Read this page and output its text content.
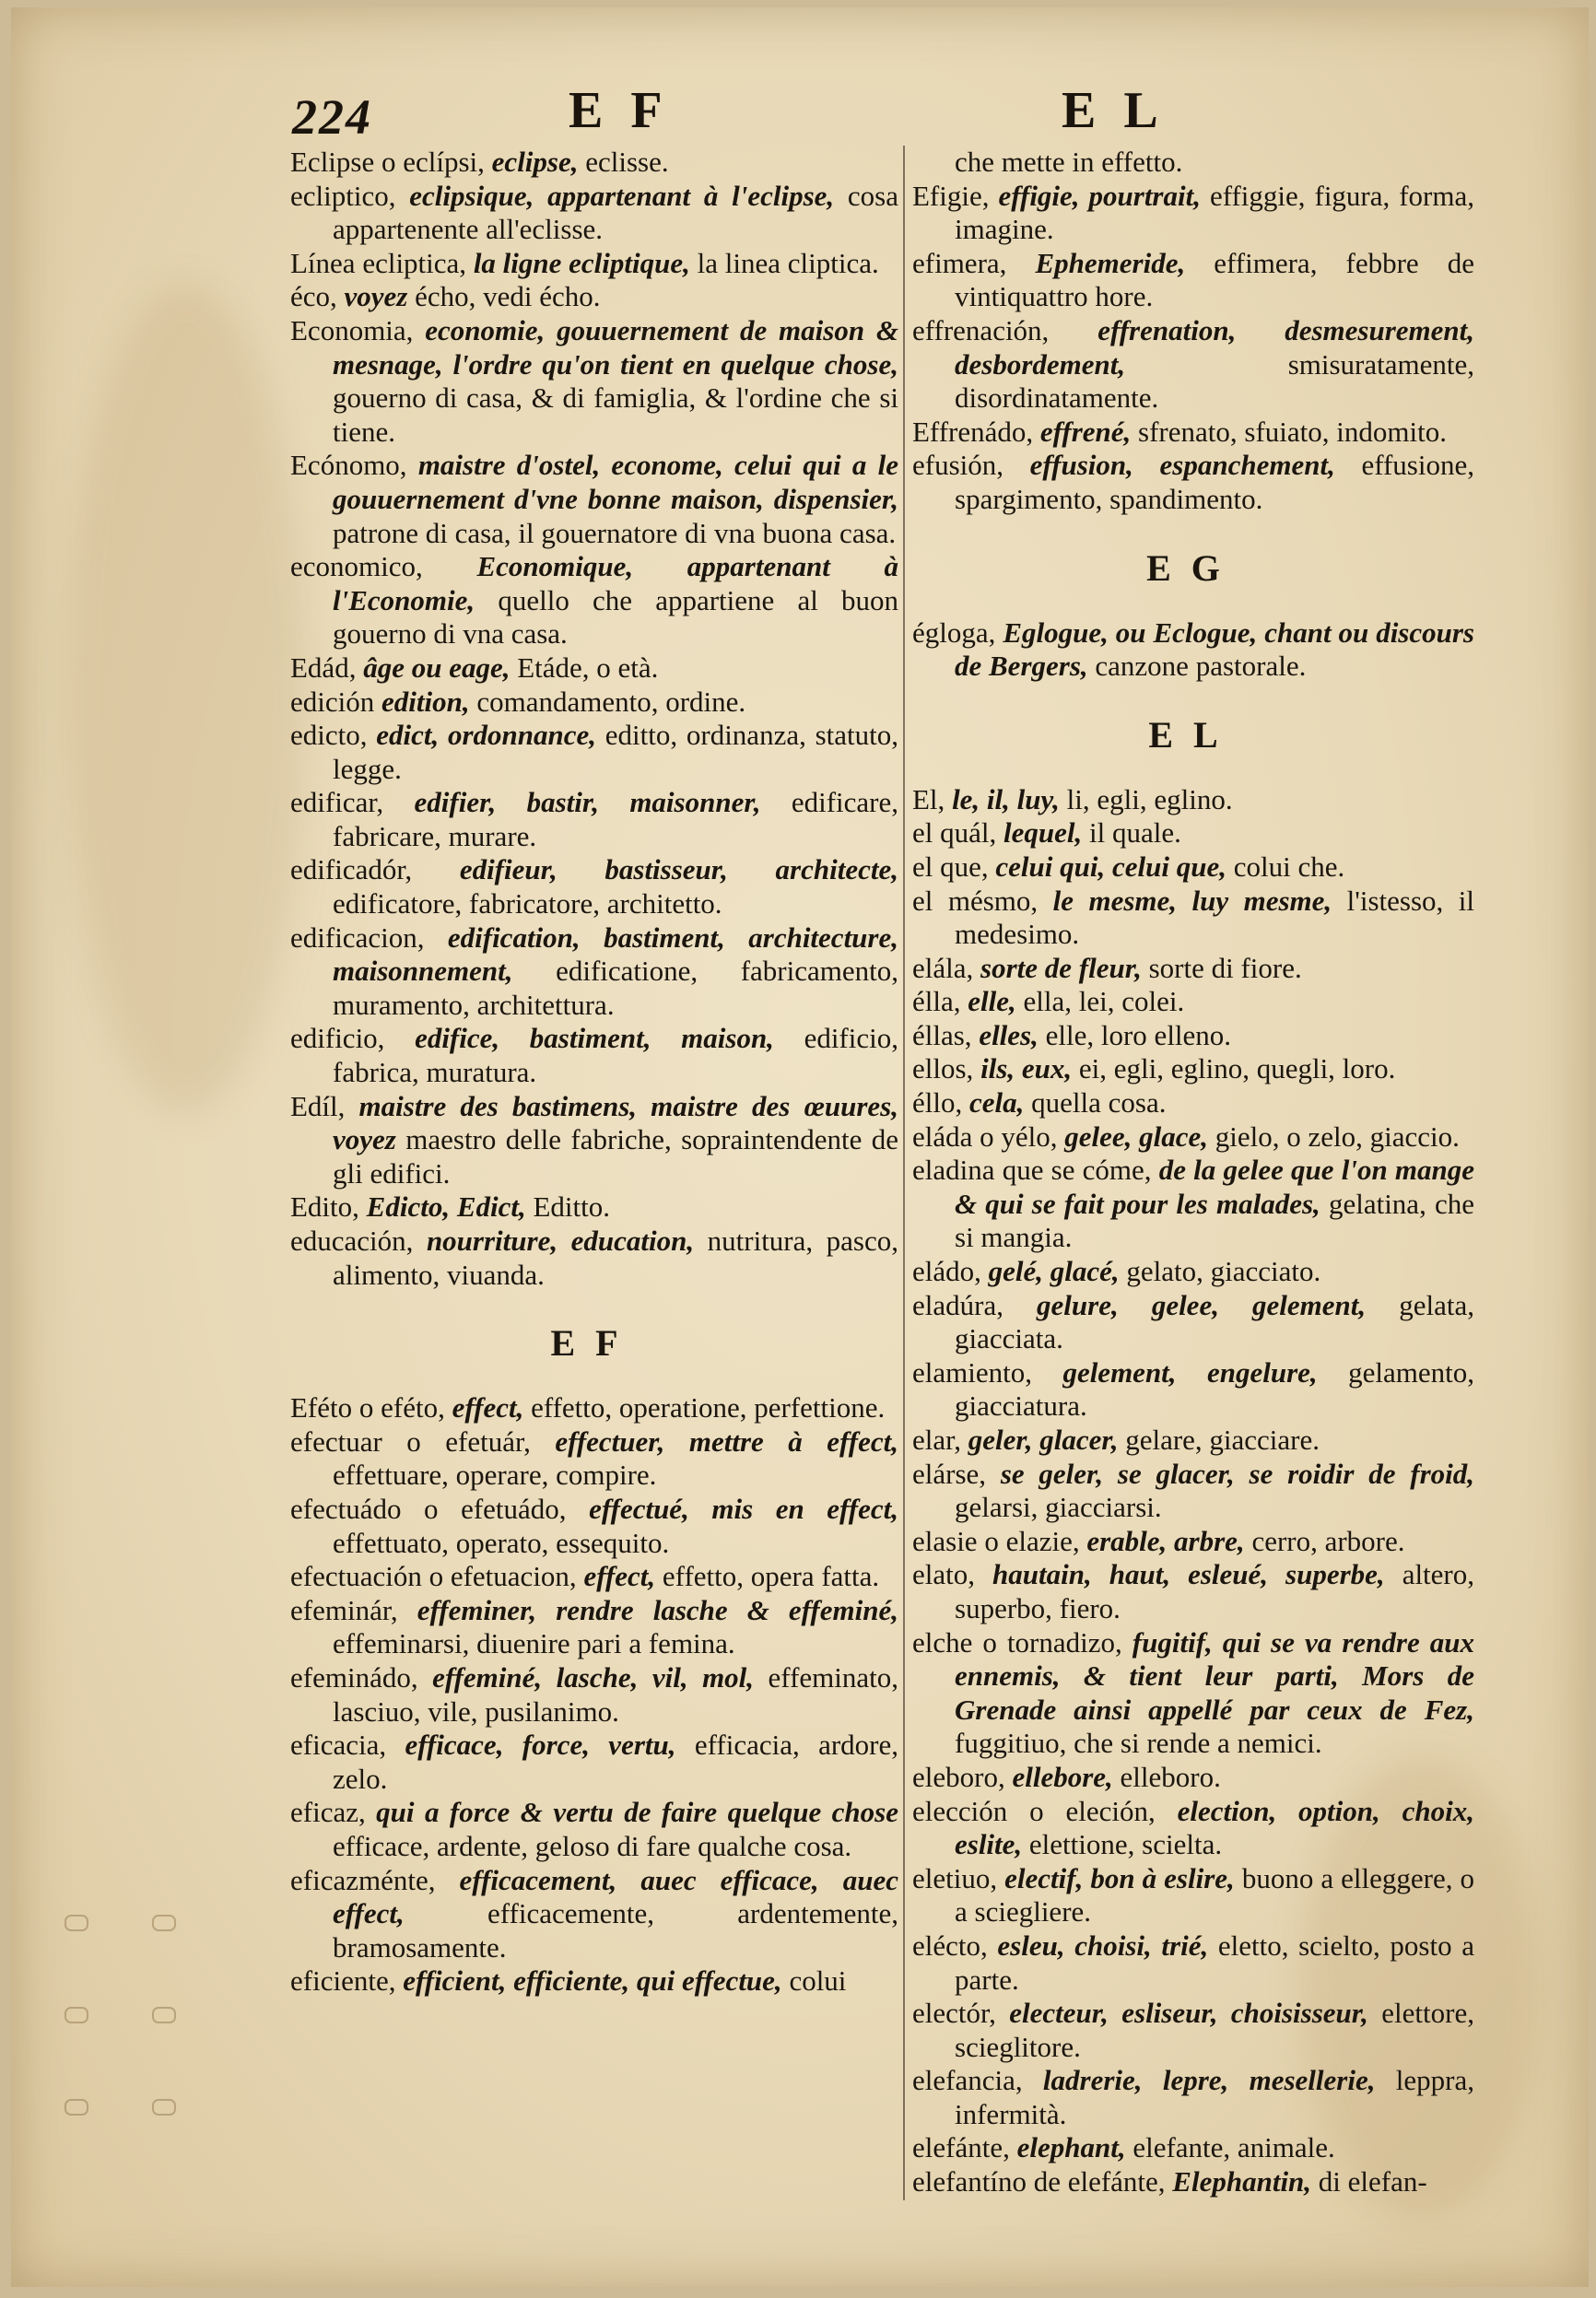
224	EF	EL

Eclipse o eclípsi, eclipse, eclisse.

ecliptico, eclipsique, appartenant à l'eclipse, cosa appartenente all'eclisse.

Línea ecliptica, la ligne ecliptique, la linea cliptica.

éco, voyez écho, vedi écho.

Economia, economie, gouuernement de maison & mesnage, l'ordre qu'on tient en quelque chose, gouerno di casa, & di famiglia, & l'ordine che si tiene.

Ecónomo, maistre d'ostel, econome, celui qui a le gouuernement d'vne bonne maison, dispensier, patrone di casa, il gouernatore di vna buona casa.

economico, Economique, appartenant à l'Economie, quello che appartiene al buon gouerno di vna casa.

Edád, âge ou eage, Etáde, o età.

edición edition, comandamento, ordine.

edicto, edict, ordonnance, editto, ordinanza, statuto, legge.

edificar, edifier, bastir, maisonner, edificare, fabricare, murare.

edificadór, edifieur, bastisseur, architecte, edificatore, fabricatore, architetto.

edificacion, edification, bastiment, architecture, maisonnement, edificatione, fabricamento, muramento, architettura.

edificio, edifice, bastiment, maison, edificio, fabrica, muratura.

Edíl, maistre des bastimens, maistre des œuures, voyez maestro delle fabriche, sopraintendente de gli edifici.

Edito, Edicto, Edict, Editto.

educación, nourriture, education, nutritura, pasco, alimento, viuanda.

EF

Eféto o eféto, effect, effetto, operatione, perfettione.

efectuar o efetuár, effectuer, mettre à effect, effettuare, operare, compire.

efectuádo o efetuádo, effectué, mis en effect, effettuato, operato, essequito.

efectuación o efetuacion, effect, effetto, opera fatta.

efeminár, effeminer, rendre lasche & effeminé, effeminarsi, diuenire pari a femina.

efeminádo, effeminé, lasche, vil, mol, effeminato, lasciuo, vile, pusilanimo.

eficacia, efficace, force, vertu, efficacia, ardore, zelo.

eficaz, qui a force & vertu de faire quelque chose efficace, ardente, geloso di fare qualche cosa.

eficazménte, efficacement, auec efficace, auec effect, efficacemente, ardentemente, bramosamente.

eficiente, efficient, efficiente, qui effectue, colui

che mette in effetto.

Efigie, effigie, pourtrait, effiggie, figura, forma, imagine.

efimera, Ephemeride, effimera, febbre de vintiquattro hore.

effrenación, effrenation, desmesurement, desbordement, smisuratamente, disordinatamente.

Effrenádo, effrené, sfrenato, sfuiato, indomito.

efusión, effusion, espanchement, effusione, spargimento, spandimento.

EG

égloga, Eglogue, ou Eclogue, chant ou discours de Bergers, canzone pastorale.

EL

El, le, il, luy, li, egli, eglino.

el quál, lequel, il quale.

el que, celui qui, celui que, colui che.

el mésmo, le mesme, luy mesme, l'istesso, il medesimo.

elála, sorte de fleur, sorte di fiore.

élla, elle, ella, lei, colei.

éllas, elles, elle, loro elleno.

ellos, ils, eux, ei, egli, eglino, quegli, loro.

éllo, cela, quella cosa.

eláda o yélo, gelee, glace, gielo, o zelo, giaccio.

eladina que se cóme, de la gelee que l'on mange & qui se fait pour les malades, gelatina, che si mangia.

eládo, gelé, glacé, gelato, giacciato.

eladúra, gelure, gelee, gelement, gelata, giacciata.

elamiento, gelement, engelure, gelamento, giacciatura.

elar, geler, glacer, gelare, giacciare.

elárse, se geler, se glacer, se roidir de froid, gelarsi, giacciarsi.

elasie o elazie, erable, arbre, cerro, arbore.

elato, hautain, haut, esleué, superbe, altero, superbo, fiero.

elche o tornadizo, fugitif, qui se va rendre aux ennemis, & tient leur parti, Mors de Grenade ainsi appellé par ceux de Fez, fuggitiuo, che si rende a nemici.

eleboro, ellebore, elleboro.

elección o eleción, election, option, choix, eslite, elettione, scielta.

eletiuo, electif, bon à eslire, buono a elleggere, o a sciegliere.

elécto, esleu, choisi, trié, eletto, scielto, posto a parte.

electór, electeur, esliseur, choisisseur, elettore, scieglitore.

elefancia, ladrerie, lepre, mesellerie, leppra, infermità.

elefánte, elephant, elefante, animale.

elefantíno de elefánte, Elephantin, di elefan-
